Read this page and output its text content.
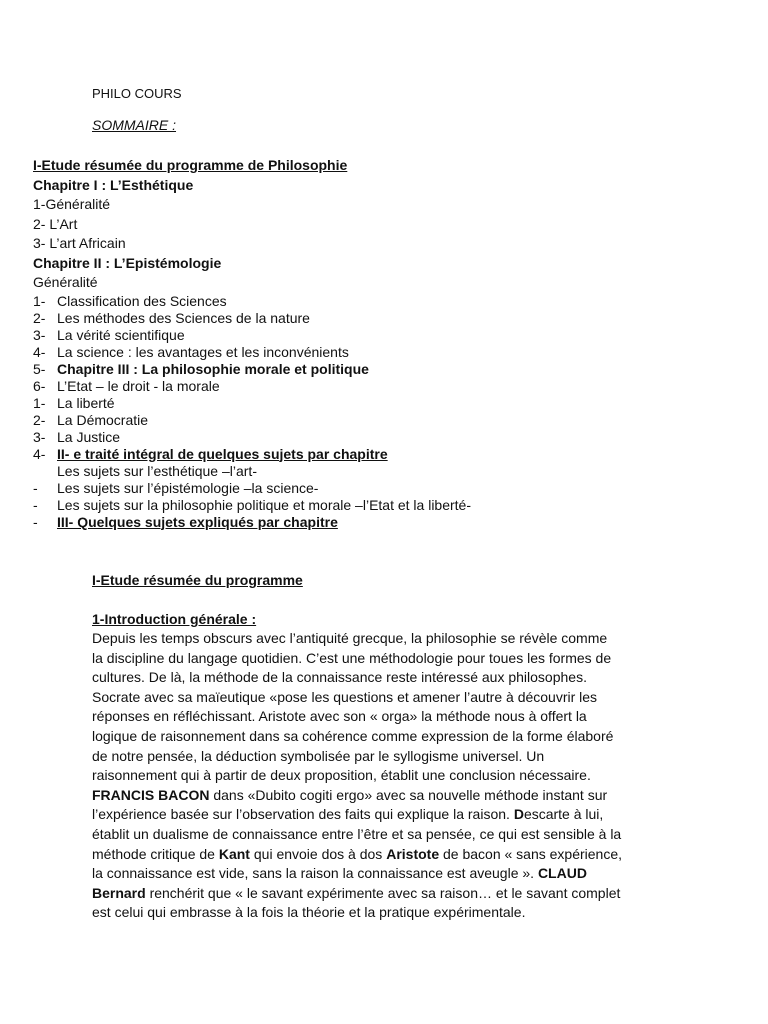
PHILO COURS
SOMMAIRE :
I-Etude résumée du programme de Philosophie
Chapitre I : L’Esthétique
1-Généralité
2- L’Art
3- L’art Africain
Chapitre II : L’Epistémologie
Généralité
1- Classification des Sciences
2- Les méthodes des Sciences de la nature
3- La vérité scientifique
4- La science : les avantages et les inconvénients
5- Chapitre III : La philosophie morale et politique
6- L’Etat – le droit - la morale
1- La liberté
2- La Démocratie
3- La Justice
4- II- e traité intégral de quelques sujets par chapitre
Les sujets sur l’esthétique –l’art-
- Les sujets sur l’épistémologie –la science-
- Les sujets sur la philosophie politique et morale –l’Etat et la liberté-
- III- Quelques sujets expliqués par chapitre
I-Etude résumée du programme
1-Introduction générale :
Depuis les temps obscurs avec l’antiquité grecque, la philosophie se révèle comme
la discipline du langage quotidien. C’est une méthodologie pour toues les formes de
cultures. De là, la méthode de la connaissance reste intéressé aux philosophes.
Socrate avec sa maïeutique «pose les questions et amener l’autre à découvrir les
réponses en réfléchissant. Aristote avec son « orga» la méthode nous à offert la
logique de raisonnement dans sa cohérence comme expression de la forme élaboré
de notre pensée, la déduction symbolisée par le syllogisme universel. Un
raisonnement qui à partir de deux proposition, établit une conclusion nécessaire.
FRANCIS BACON dans «Dubito cogiti ergo» avec sa nouvelle méthode instant sur
l’expérience basée sur l’observation des faits qui explique la raison. Descarte à lui,
établit un dualisme de connaissance entre l’être et sa pensée, ce qui est sensible à la
méthode critique de Kant qui envoie dos à dos Aristote de bacon « sans expérience,
la connaissance est vide, sans la raison la connaissance est aveugle ». CLAUD
Bernard renchérit que « le savant expérimente avec sa raison… et le savant complet
est celui qui embrasse à la fois la théorie et la pratique expérimentale.
